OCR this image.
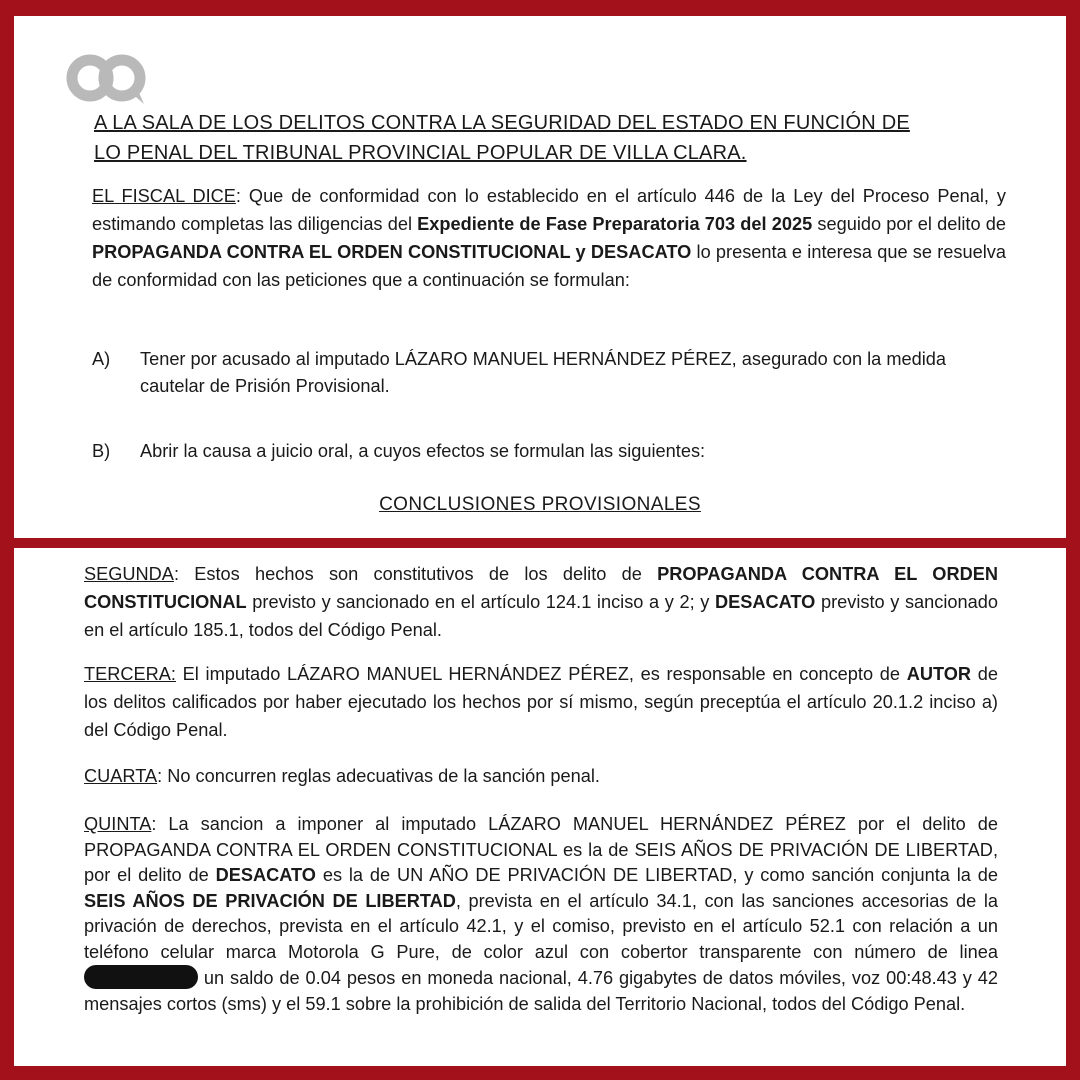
A LA SALA DE LOS DELITOS CONTRA LA SEGURIDAD DEL ESTADO EN FUNCIÓN DE
LO PENAL DEL TRIBUNAL PROVINCIAL POPULAR DE VILLA CLARA.
EL FISCAL DICE: Que de conformidad con lo establecido en el artículo 446 de la Ley del Proceso Penal, y estimando completas las diligencias del Expediente de Fase Preparatoria 703 del 2025 seguido por el delito de PROPAGANDA CONTRA EL ORDEN CONSTITUCIONAL y DESACATO lo presenta e interesa que se resuelva de conformidad con las peticiones que a continuación se formulan:
A) Tener por acusado al imputado LÁZARO MANUEL HERNÁNDEZ PÉREZ, asegurado con la medida cautelar de Prisión Provisional.
B) Abrir la causa a juicio oral, a cuyos efectos se formulan las siguientes:
CONCLUSIONES PROVISIONALES
SEGUNDA: Estos hechos son constitutivos de los delito de PROPAGANDA CONTRA EL ORDEN CONSTITUCIONAL previsto y sancionado en el artículo 124.1 inciso a y 2; y DESACATO previsto y sancionado en el artículo 185.1, todos del Código Penal.
TERCERA: El imputado LÁZARO MANUEL HERNÁNDEZ PÉREZ, es responsable en concepto de AUTOR de los delitos calificados por haber ejecutado los hechos por sí mismo, según preceptúa el artículo 20.1.2 inciso a) del Código Penal.
CUARTA: No concurren reglas adecuativas de la sanción penal.
QUINTA: La sancion a imponer al imputado LÁZARO MANUEL HERNÁNDEZ PÉREZ por el delito de PROPAGANDA CONTRA EL ORDEN CONSTITUCIONAL es la de SEIS AÑOS DE PRIVACIÓN DE LIBERTAD, por el delito de DESACATO es la de UN AÑO DE PRIVACIÓN DE LIBERTAD, y como sanción conjunta la de SEIS AÑOS DE PRIVACIÓN DE LIBERTAD, prevista en el artículo 34.1, con las sanciones accesorias de la privación de derechos, prevista en el artículo 42.1, y el comiso, previsto en el artículo 52.1 con relación a un teléfono celular marca Motorola G Pure, de color azul con cobertor transparente con número de linea  un saldo de 0.04 pesos en moneda nacional, 4.76 gigabytes de datos móviles, voz 00:48.43 y 42 mensajes cortos (sms) y el 59.1 sobre la prohibición de salida del Territorio Nacional, todos del Código Penal.
